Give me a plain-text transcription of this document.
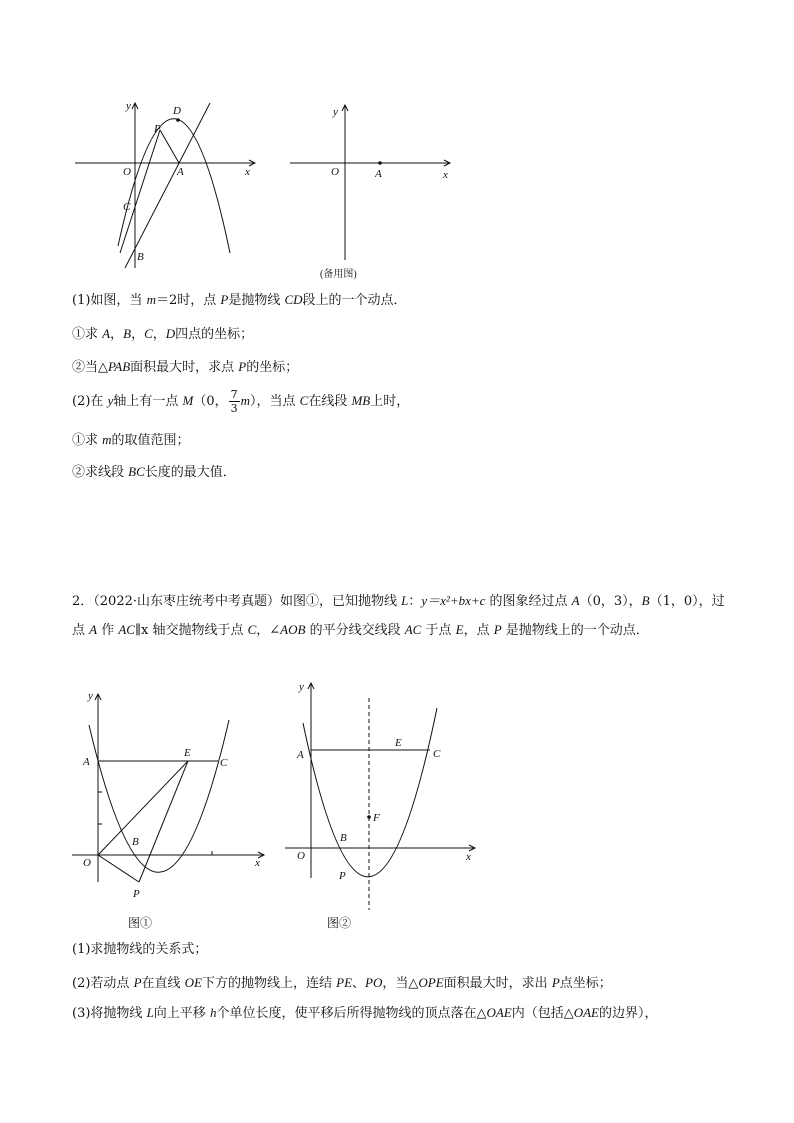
y
x
O	A
B
C
D
P
y
x
O	A
(备用图)
(1)如图，当 m＝2时，点 P是抛物线 CD段上的一个动点．
①求 A，B，C，D四点的坐标；
②当△PAB面积最大时，求点 P的坐标；
(2)在 y轴上有一点 M（0， $\frac{7}{3} m$），当点 C在线段 MB上时，
①求 m的取值范围；
②求线段 BC长度的最大值．
2．（2022·山东枣庄统考中考真题）如图①，已知抛物线 L：y＝x²+bx+c 的图象经过点 A（0，3），B（1，0），过点 A 作 AC∥x 轴交抛物线于点 C，∠AOB 的平分线交线段 AC 于点 E，点 P 是抛物线上的一个动点．
y
x
O
A
B
C
E
P
图①
y
x
O
A
B
C
E
F
P
图②
(1)求抛物线的关系式；
(2)若动点 P在直线 OE下方的抛物线上，连结 PE、PO，当△OPE面积最大时，求出 P点坐标；
(3)将抛物线 L向上平移 h个单位长度，使平移后所得抛物线的顶点落在△OAE内（包括△OAE的边界），
